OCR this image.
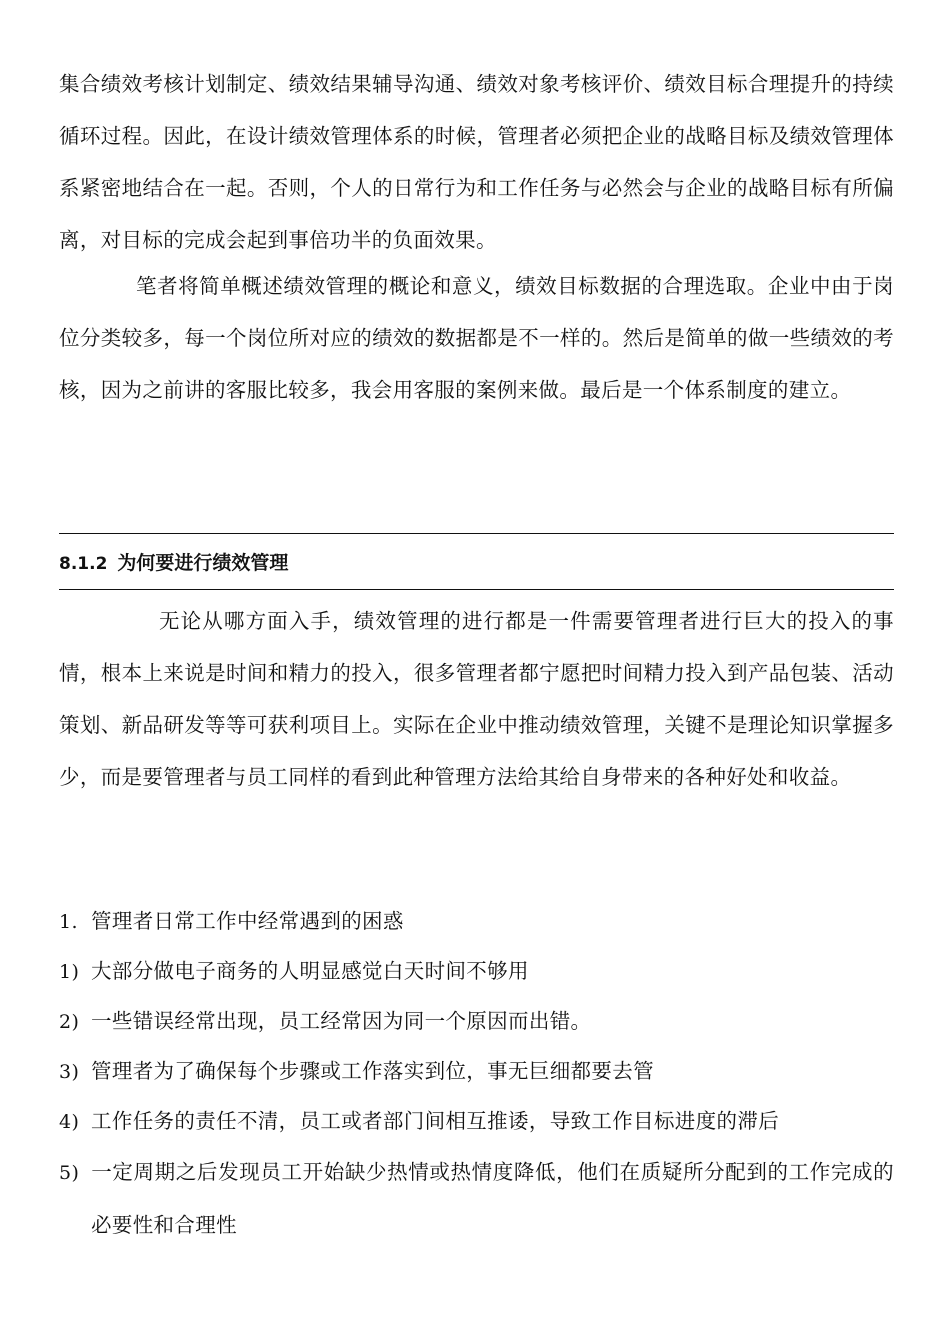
集合绩效考核计划制定、绩效结果辅导沟通、绩效对象考核评价、绩效目标合理提升的持续循环过程。因此，在设计绩效管理体系的时候，管理者必须把企业的战略目标及绩效管理体系紧密地结合在一起。否则，个人的日常行为和工作任务与必然会与企业的战略目标有所偏离，对目标的完成会起到事倍功半的负面效果。

笔者将简单概述绩效管理的概论和意义，绩效目标数据的合理选取。企业中由于岗位分类较多，每一个岗位所对应的绩效的数据都是不一样的。然后是简单的做一些绩效的考核，因为之前讲的客服比较多，我会用客服的案例来做。最后是一个体系制度的建立。

8.1.2 为何要进行绩效管理

无论从哪方面入手，绩效管理的进行都是一件需要管理者进行巨大的投入的事情，根本上来说是时间和精力的投入，很多管理者都宁愿把时间精力投入到产品包装、活动策划、新品研发等等可获利项目上。实际在企业中推动绩效管理，关键不是理论知识掌握多少，而是要管理者与员工同样的看到此种管理方法给其给自身带来的各种好处和收益。

1. 管理者日常工作中经常遇到的困惑

1) 大部分做电子商务的人明显感觉白天时间不够用

2) 一些错误经常出现，员工经常因为同一个原因而出错。

3) 管理者为了确保每个步骤或工作落实到位，事无巨细都要去管

4) 工作任务的责任不清，员工或者部门间相互推诿，导致工作目标进度的滞后

5) 一定周期之后发现员工开始缺少热情或热情度降低，他们在质疑所分配到的工作完成的必要性和合理性
